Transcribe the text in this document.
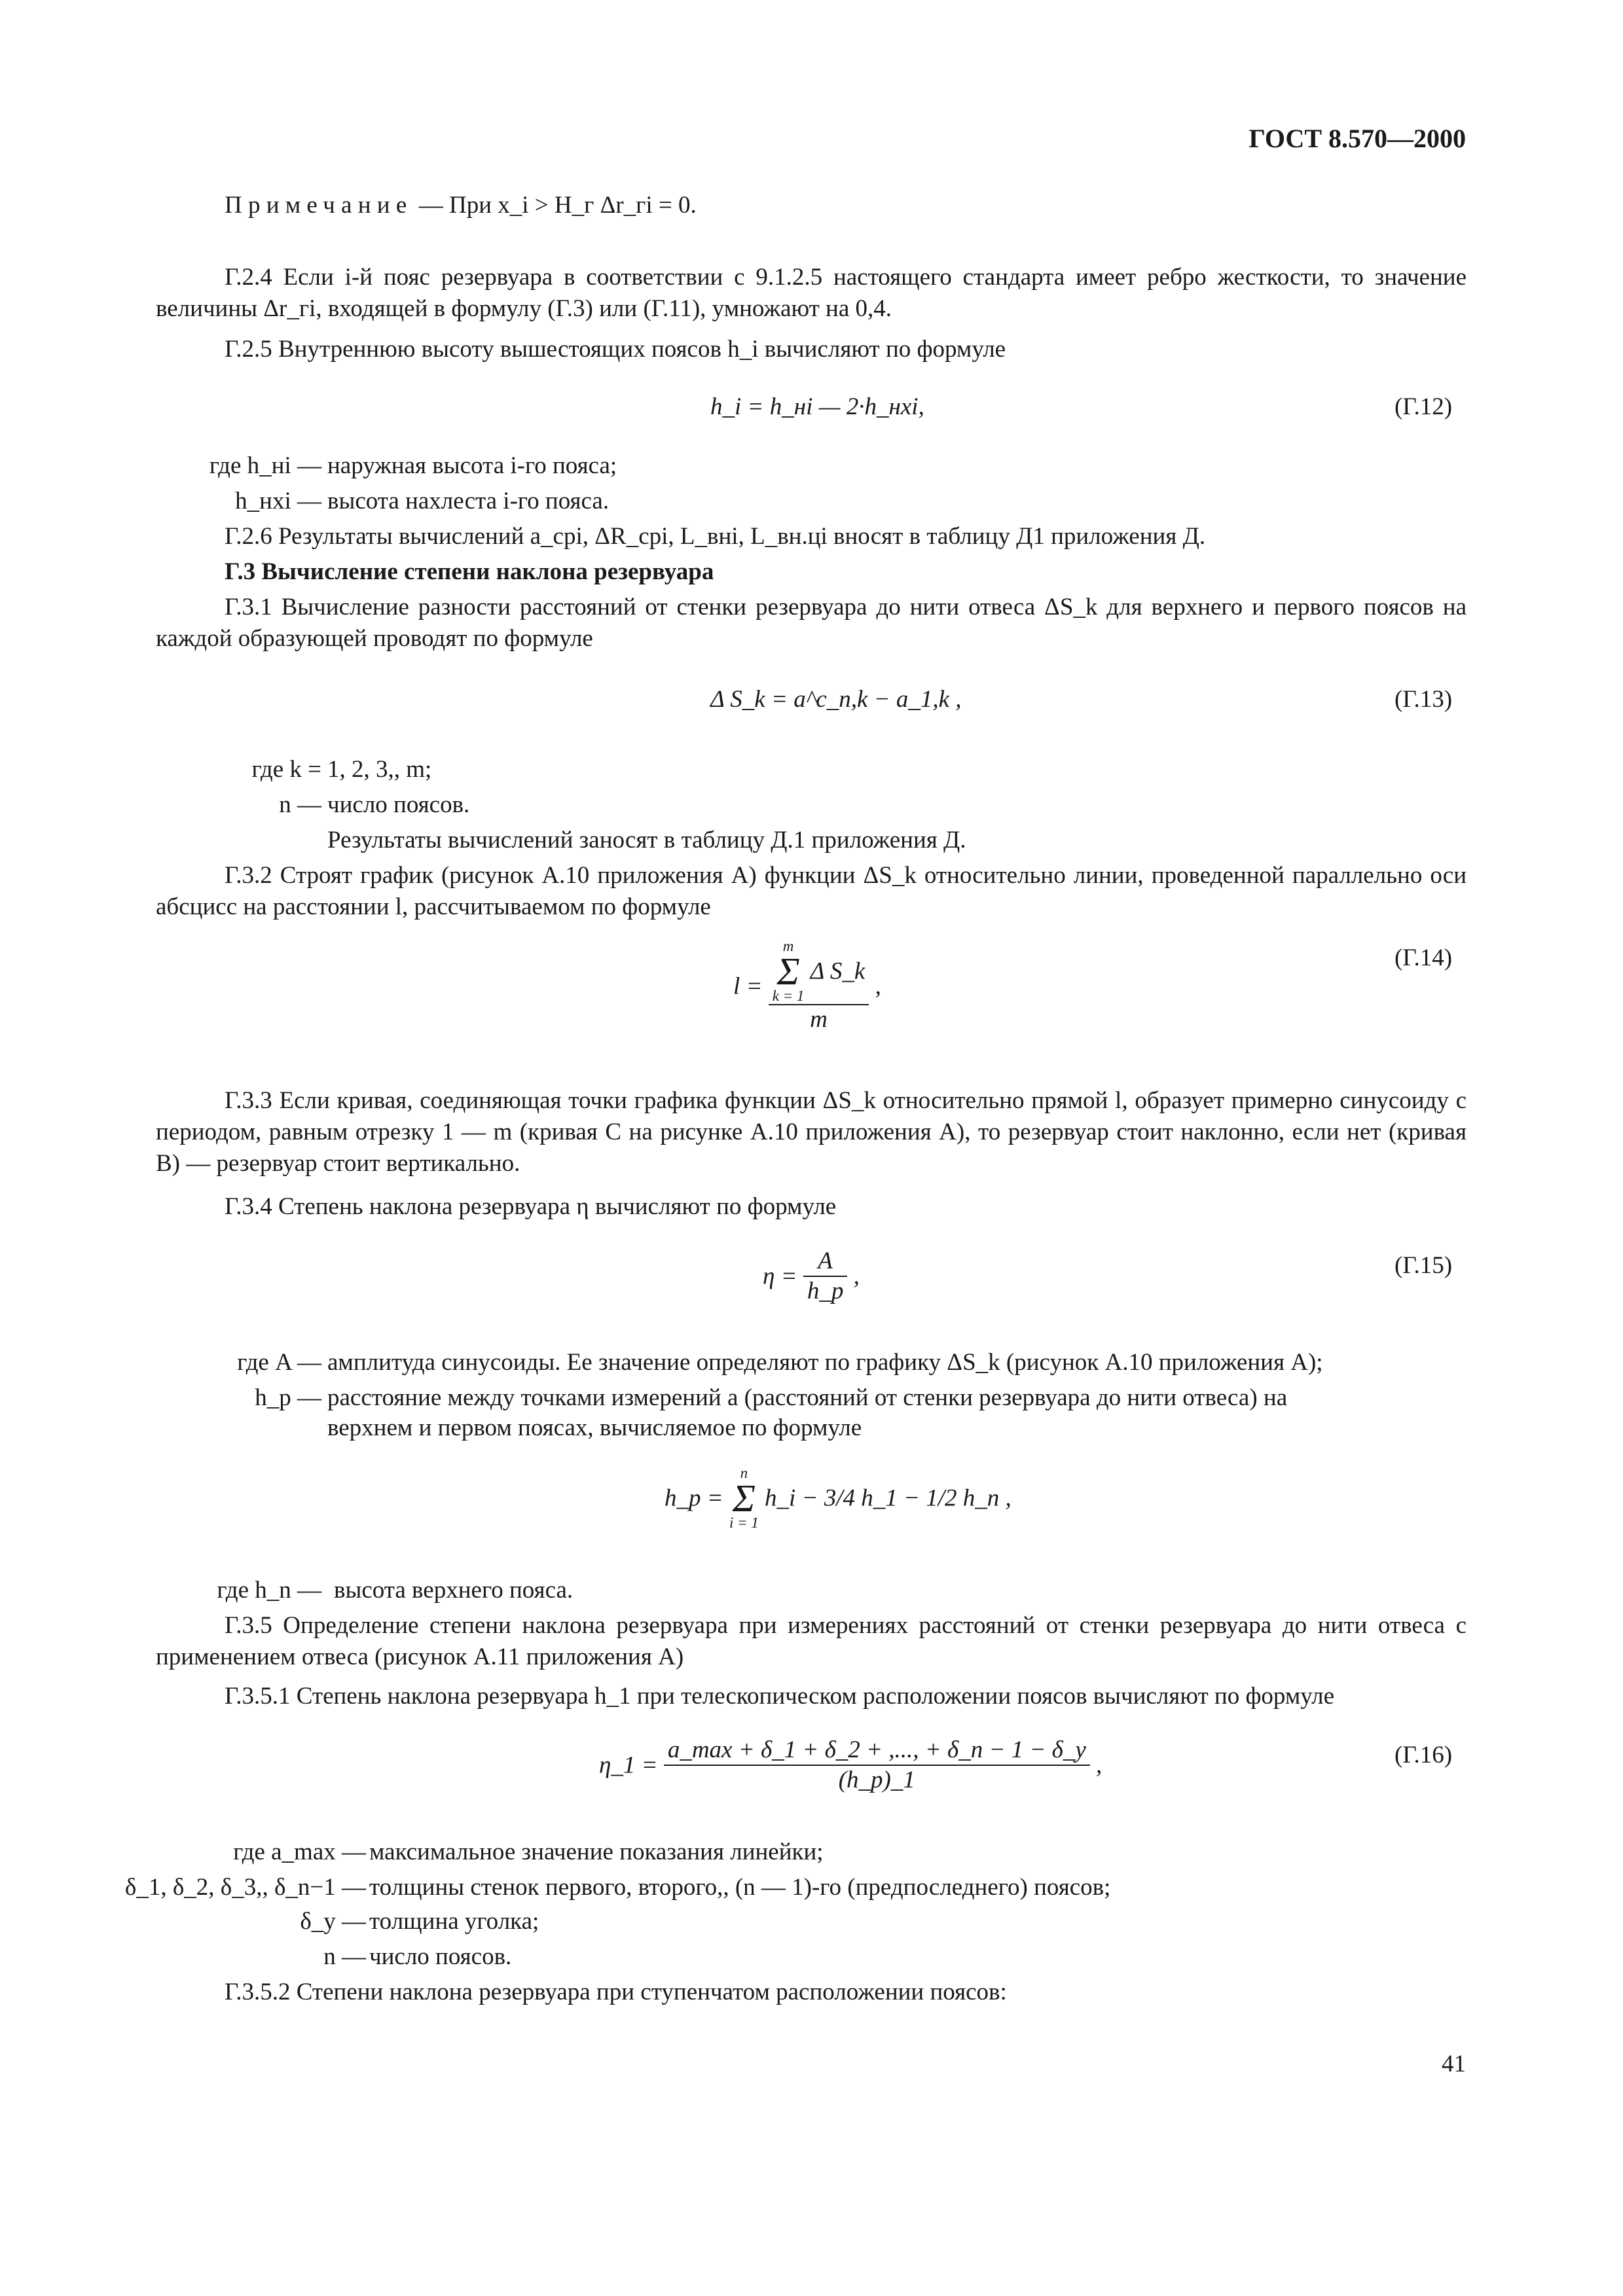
ГОСТ 8.570—2000
Примечание — При x_i > H_г Δr_гi = 0.
Г.2.4 Если i-й пояс резервуара в соответствии с 9.1.2.5 настоящего стандарта имеет ребро жесткости, то значение величины Δr_гi, входящей в формулу (Г.3) или (Г.11), умножают на 0,4.
Г.2.5 Внутреннюю высоту вышестоящих поясов h_i вычисляют по формуле
h_i = h_нi — 2·h_нхi,	(Г.12)
где h_нi — наружная высота i-го пояса;
h_нхi — высота нахлеста i-го пояса.
Г.2.6 Результаты вычислений a_срi, ΔR_срi, L_внi, L_вн.цi вносят в таблицу Д1 приложения Д.
Г.3 Вычисление степени наклона резервуара
Г.3.1 Вычисление разности расстояний от стенки резервуара до нити отвеса ΔS_k для верхнего и первого поясов на каждой образующей проводят по формуле
Δ S_k = a^с_n,k − a_1,k ,	(Г.13)
где k = 1, 2, 3,, m;
n — число поясов.
Результаты вычислений заносят в таблицу Д.1 приложения Д.
Г.3.2 Строят график (рисунок А.10 приложения А) функции ΔS_k относительно линии, проведенной параллельно оси абсцисс на расстоянии l, рассчитываемом по формуле
l = m
Σ
k = 1
Δ S_k
m ,
(Г.14)
Г.3.3 Если кривая, соединяющая точки графика функции ΔS_k относительно прямой l, образует примерно синусоиду с периодом, равным отрезку 1 — m (кривая C на рисунке А.10 приложения А), то резервуар стоит наклонно, если нет (кривая B) — резервуар стоит вертикально.
Г.3.4 Степень наклона резервуара η вычисляют по формуле
$\eta = \frac{A}{h\_р}$ ,	(Г.15)
где A — амплитуда синусоиды. Ее значение определяют по графику ΔS_k (рисунок А.10 приложения А);
h_р — расстояние между точками измерений a (расстояний от стенки резервуара до нити отвеса) на
верхнем и первом поясах, вычисляемое по формуле
h_р =
n
Σ
i = 1
h_i − 3/4 h_1 − 1/2 h_n ,
где h_n — высота верхнего пояса.
Г.3.5 Определение степени наклона резервуара при измерениях расстояний от стенки резервуара до нити отвеса с применением отвеса (рисунок А.11 приложения А)
Г.3.5.1 Степень наклона резервуара h_1 при телескопическом расположении поясов вычисляют по формуле
η_1 = $\frac{a\_\max + \delta\_1 + \delta\_2 + ,..., + \delta\_n - 1 - \delta\_у}{(h\_р)\_1}$ ,	(Г.16)
где a_max — максимальное значение показания линейки;
δ_1, δ_2, δ_3,, δ_n−1 — толщины стенок первого, второго,, (n — 1)-го (предпоследнего) поясов;
δ_у — толщина уголка;
n — число поясов.
Г.3.5.2 Степени наклона резервуара при ступенчатом расположении поясов:
41
